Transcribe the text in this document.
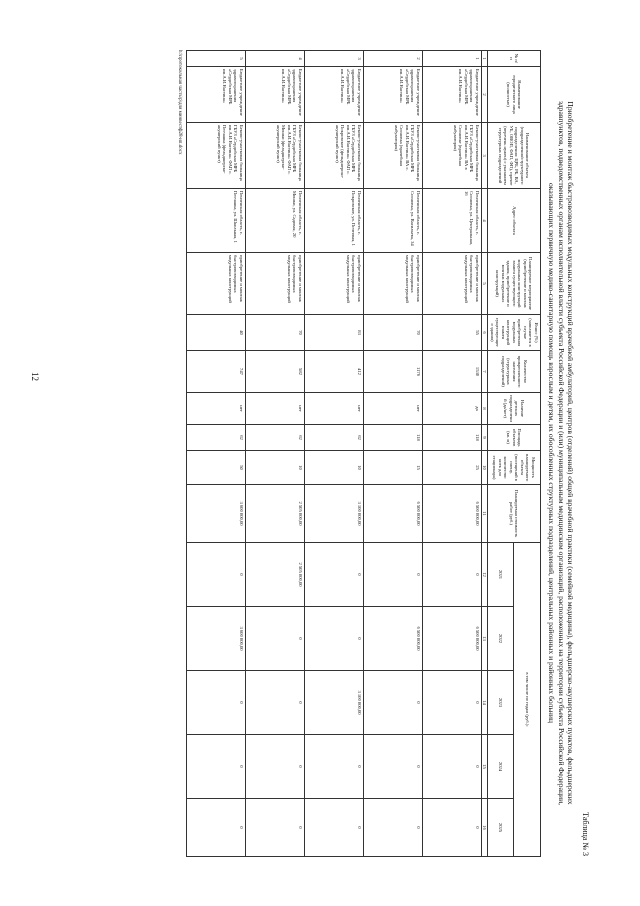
12
Таблица № 3
Приобретение и монтаж быстровозводимых модульных конструкций врачебной амбулаторий, центров (отделений) общей врачебной практики (семейной медицины), фельдшерско-акушерских пунктов, фельдшерских здравпунктов, подведомственных органам исполнительной власти субъекта Российской Федерации и (или) муниципальным медицинским организаций, расположенных на территории субъекта Российской Федерации, оказывающих первичную медико-санитарную помощь взрослым и детям, их обособленных структурных подразделений, центральных районных и районных больниц
№ п/п	Наименование юридического лица (полностью)	Наименование объекта (подразделения/структурного подразделения: ЦРБ, РБ, ВА, УБ, ОВОП, ФАП, ФП), прочее (перечень нужен) с указанием структурных подразделений	Адрес объекта	Планируемое мероприятие (приобретение и монтаж модульных конструкций взамен существующего здания, приобретение и монтаж модульных конструкций)	Износ (%) (заполняется в случае приобретения модульных конструкций взамен существующего здания)	Количество прикрепленного населения (структурных подразделений)	Наличие детских подразделений (да/нет)	Площадь объектов (кв. м)	Мощность планируемого объекта (посещений в смену, количество коек для стационара)	Планируемая стоимость работ (руб.)	в том числе по годам (руб.):				
											2021	2022	2023	2024	2025
1	2	3	4	5	6	7	8	9	10	11	12	13	14	15	16
1	Бюджетное учреждение здравоохранения «Сердобская МРБ им.А.И.Настина»	Беково-участковая больница ГБУЗ «Сердобская МРБ им.А.И.Настина» ВА в Сосновке (врачебная амбулатория)	Пензенская область, с. Сосновка, ул. Центральная, 16	приобретение и монтаж быстровозводимых модульных конструкций	55	1530	да	118	25	6 500 000,00	0	6 500 000,00	0	0	0
2	Бюджетное учреждение здравоохранения «Сердобская МРБ им.А.И.Настина»	Беково-участковая больница ГБУЗ «Сердобская МРБ им.А.И.Настина» ВА с. Сосновка (врачебная амбулатория)	Пензенская область, с. Сосновка, ул. Васильева, 34	приобретение и монтаж быстровозводимых модульных конструкций	70	1176	нет	118	15	6 500 000,00	0	6 500 000,00	0	0	0
3	Бюджетное учреждение здравоохранения «Сердобская МРБ им.А.И.Настина»	Беково-участковая больница ГБУЗ «Сердобская МРБ им.А.И.Настина» ФАП с. Покровское (фельдшерско-акушерский пункт)	Пензенская область, с. Покровское, ул. Почтовая, 1	приобретение и монтаж быстровозводимых модульных конструкций	83	412	нет	62	10	3 100 000,00	0	0	3 100 000,00	0	0
4	Бюджетное учреждение здравоохранения «Сердобская МРБ им.А.И.Настина»	Беково-участковая больница ГБУЗ «Сердобская МРБ им.А.И.Настина» ФАП с. Мошки (фельдшерско-акушерский пункт)	Пензенская область, с. Мошки, ул. Садовая, 20	приобретение и монтаж быстровозводимых модульных конструкций	70	582	нет	62	10	2 505 000,00	2 505 000,00	0	0	0	0
5	Бюджетное учреждение здравоохранения «Сердобская МРБ им.А.И.Настина»	Беково-участковая больница ГБУЗ «Сердобская МРБ им.А.И.Настина» ФАП с. Песчанка (фельдшерско-акушерский пункт)	Пензенская область, с. Песчанка, ул. Школьная, 1	приобретение и монтаж быстровозводимых модульных конструкций	40	747	нет	62	50	3 600 000,00	0	3 600 000,00	0	0	0
h:\протокольная часть\р\для минвестф28-ип.docx
